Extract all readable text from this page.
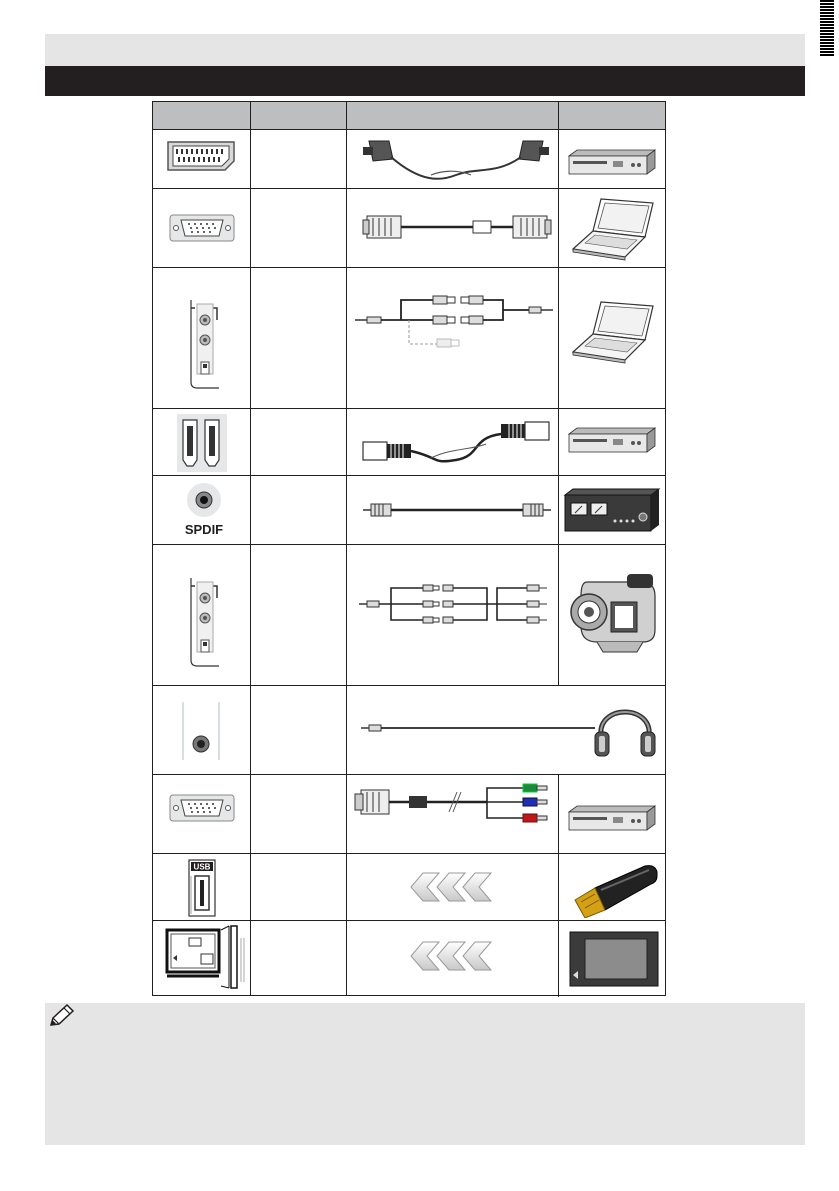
SPDIF
USB
